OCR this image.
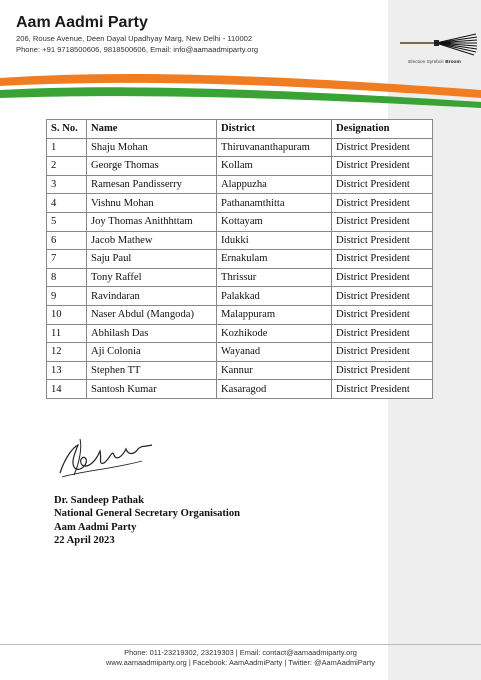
Aam Aadmi Party
206, Rouse Avenue, Deen Dayal Upadhyay Marg, New Delhi - 110002
Phone: +91 9718500606, 9818500606, Email: info@aamaadmiparty.org
Election Symbol: Broom
S. No.	Name	District	Designation
1	Shaju Mohan	Thiruvananthapuram	District President
2	George Thomas	Kollam	District President
3	Ramesan Pandisserry	Alappuzha	District President
4	Vishnu Mohan	Pathanamthitta	District President
5	Joy Thomas Anithhttam	Kottayam	District President
6	Jacob Mathew	Idukki	District President
7	Saju Paul	Ernakulam	District President
8	Tony Raffel	Thrissur	District President
9	Ravindaran	Palakkad	District President
10	Naser Abdul (Mangoda)	Malappuram	District President
11	Abhilash Das	Kozhikode	District President
12	Aji Colonia	Wayanad	District President
13	Stephen TT	Kannur	District President
14	Santosh Kumar	Kasaragod	District President
Dr. Sandeep Pathak
National General Secretary Organisation
Aam Aadmi Party
22 April 2023
Phone: 011-23219302, 23219303 | Email: contact@aamaadmiparty.org
www.aamaadmiparty.org | Facebook: AamAadmiParty | Twitter: @AamAadmiParty
